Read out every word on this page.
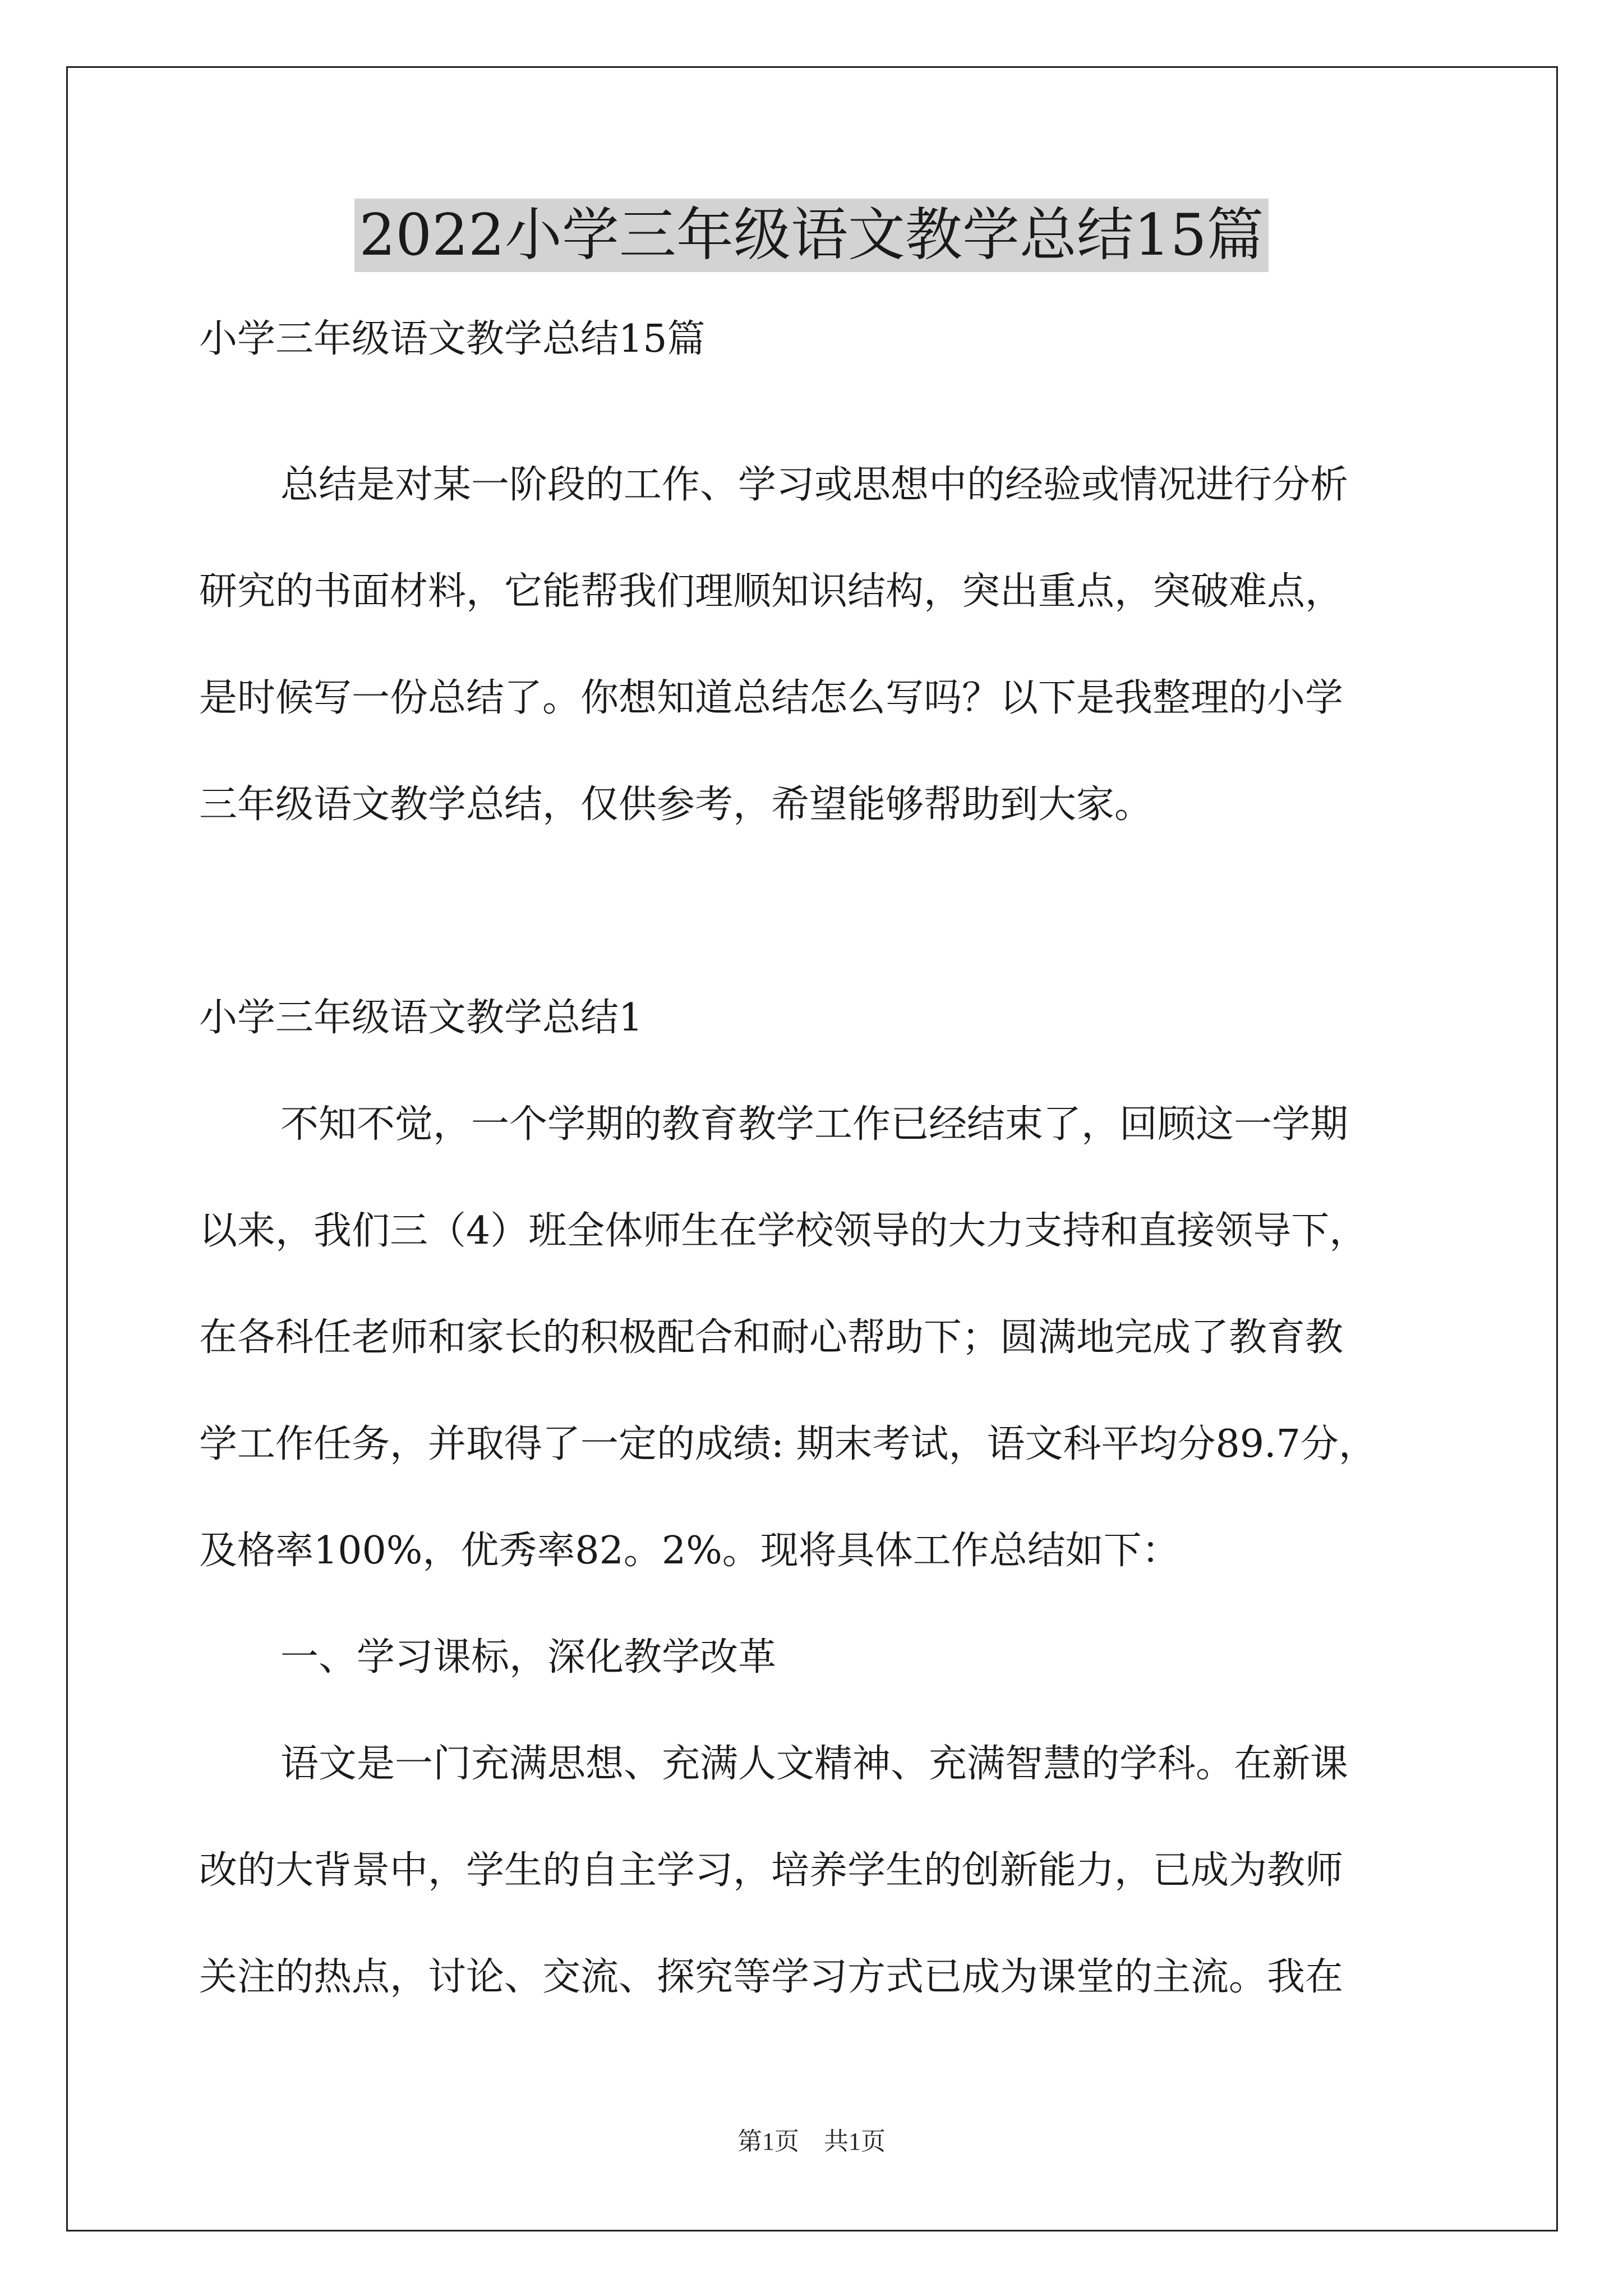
2022小学三年级语文教学总结15篇
小学三年级语文教学总结15篇
总结是对某一阶段的工作、学习或思想中的经验或情况进行分析
研究的书面材料，它能帮我们理顺知识结构，突出重点，突破难点，
是时候写一份总结了。你想知道总结怎么写吗？以下是我整理的小学
三年级语文教学总结，仅供参考，希望能够帮助到大家。
小学三年级语文教学总结1
不知不觉，一个学期的教育教学工作已经结束了，回顾这一学期
以来，我们三（4）班全体师生在学校领导的大力支持和直接领导下，
在各科任老师和家长的积极配合和耐心帮助下；圆满地完成了教育教
学工作任务，并取得了一定的成绩: 期末考试，语文科平均分89.7分，
及格率100%，优秀率82。2%。现将具体工作总结如下：
一、学习课标，深化教学改革
语文是一门充满思想、充满人文精神、充满智慧的学科。在新课
改的大背景中，学生的自主学习，培养学生的创新能力，已成为教师
关注的热点，讨论、交流、探究等学习方式已成为课堂的主流。我在
第1页　共1页
